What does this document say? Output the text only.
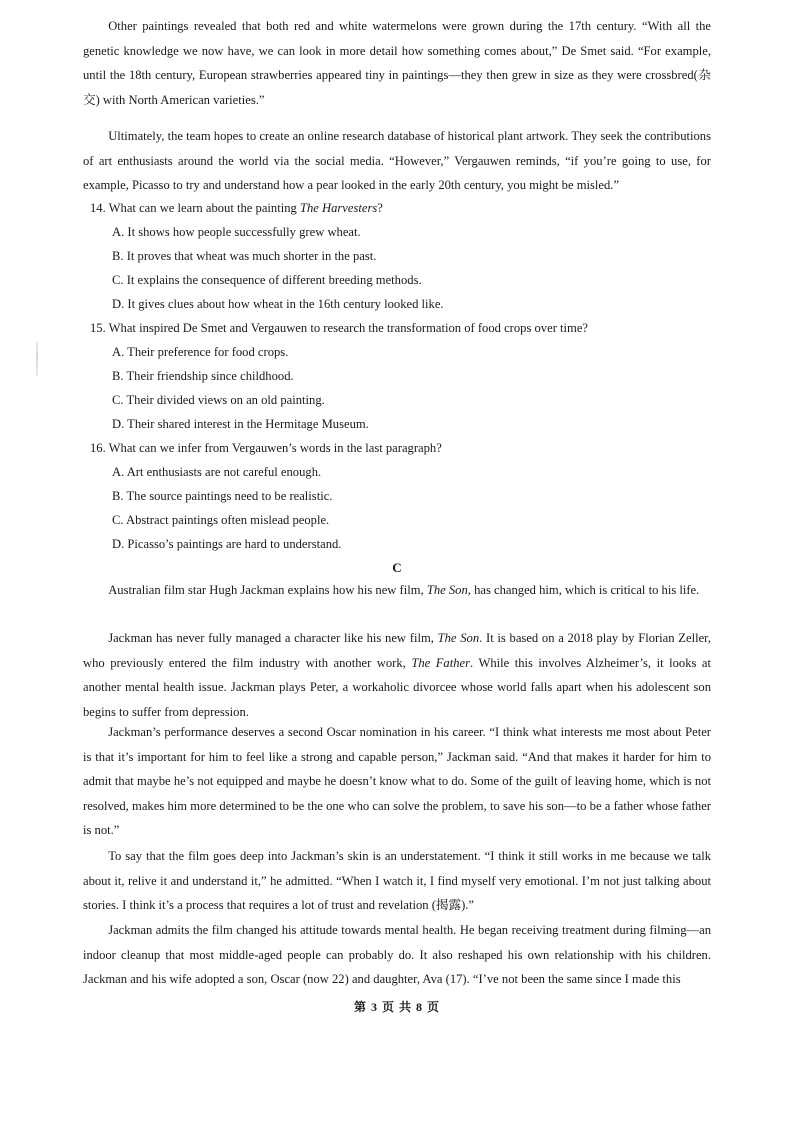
Other paintings revealed that both red and white watermelons were grown during the 17th century. “With all the genetic knowledge we now have, we can look in more detail how something comes about,” De Smet said. “For example, until the 18th century, European strawberries appeared tiny in paintings—they then grew in size as they were crossbred(杂交) with North American varieties.”

Ultimately, the team hopes to create an online research database of historical plant artwork. They seek the contributions of art enthusiasts around the world via the social media. “However,” Vergauwen reminds, “if you’re going to use, for example, Picasso to try and understand how a pear looked in the early 20th century, you might be misled.”

14. What can we learn about the painting The Harvesters?

A. It shows how people successfully grew wheat.

B. It proves that wheat was much shorter in the past.

C. It explains the consequence of different breeding methods.

D. It gives clues about how wheat in the 16th century looked like.

15. What inspired De Smet and Vergauwen to research the transformation of food crops over time?

A. Their preference for food crops.

B. Their friendship since childhood.

C. Their divided views on an old painting.

D. Their shared interest in the Hermitage Museum.

16. What can we infer from Vergauwen’s words in the last paragraph?

A. Art enthusiasts are not careful enough.

B. The source paintings need to be realistic.

C. Abstract paintings often mislead people.

D. Picasso’s paintings are hard to understand.

C

Australian film star Hugh Jackman explains how his new film, The Son, has changed him, which is critical to his life.

Jackman has never fully managed a character like his new film, The Son. It is based on a 2018 play by Florian Zeller, who previously entered the film industry with another work, The Father. While this involves Alzheimer’s, it looks at another mental health issue. Jackman plays Peter, a workaholic divorcee whose world falls apart when his adolescent son begins to suffer from depression.

Jackman’s performance deserves a second Oscar nomination in his career. “I think what interests me most about Peter is that it’s important for him to feel like a strong and capable person,” Jackman said. “And that makes it harder for him to admit that maybe he’s not equipped and maybe he doesn’t know what to do. Some of the guilt of leaving home, which is not resolved, makes him more determined to be the one who can solve the problem, to save his son—to be a father whose father is not.”

To say that the film goes deep into Jackman’s skin is an understatement. “I think it still works in me because we talk about it, relive it and understand it,” he admitted. “When I watch it, I find myself very emotional. I’m not just talking about stories. I think it’s a process that requires a lot of trust and revelation (揭露).”

Jackman admits the film changed his attitude towards mental health. He began receiving treatment during filming—an indoor cleanup that most middle-aged people can probably do. It also reshaped his own relationship with his children. Jackman and his wife adopted a son, Oscar (now 22) and daughter, Ava (17). “I’ve not been the same since I made this

第 3 页 共 8 页
